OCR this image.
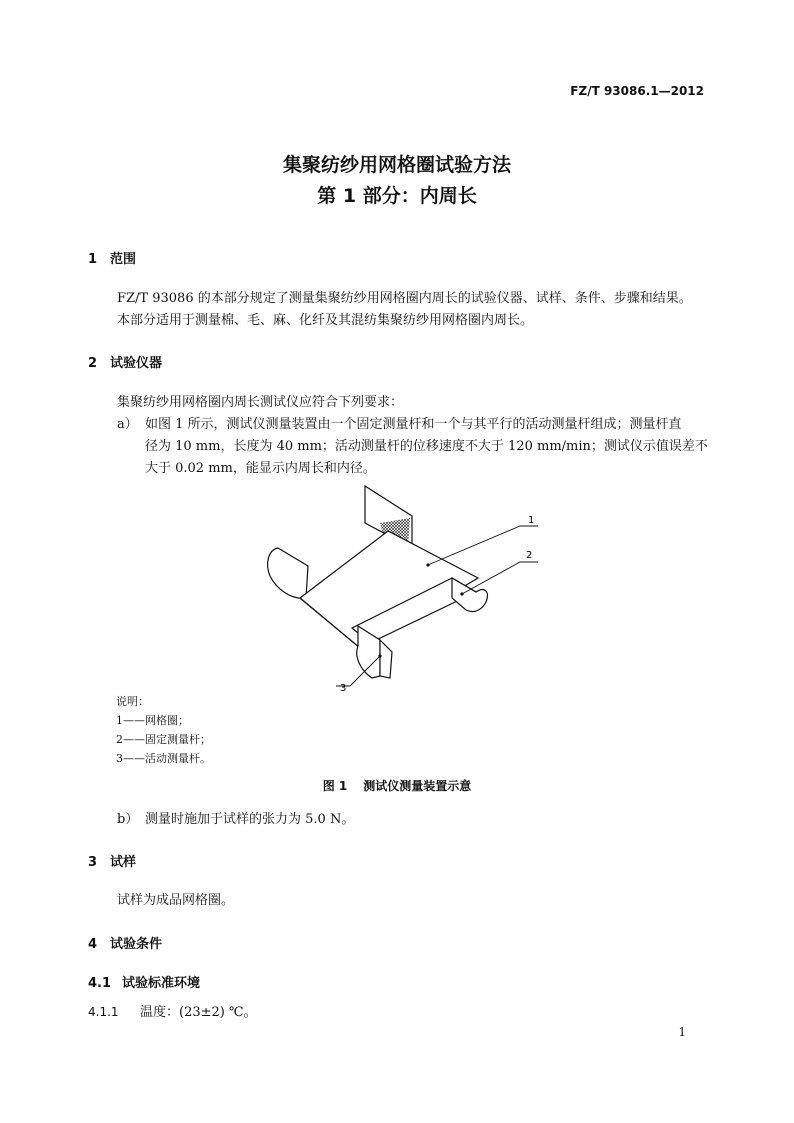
FZ/T 93086.1—2012
集聚纺纱用网格圈试验方法
第 1 部分：内周长
1 范围
FZ/T 93086 的本部分规定了测量集聚纺纱用网格圈内周长的试验仪器、试样、条件、步骤和结果。
本部分适用于测量棉、毛、麻、化纤及其混纺集聚纺纱用网格圈内周长。
2 试验仪器
集聚纺纱用网格圈内周长测试仪应符合下列要求：
a） 如图 1 所示，测试仪测量装置由一个固定测量杆和一个与其平行的活动测量杆组成；测量杆直
径为 10 mm，长度为 40 mm；活动测量杆的位移速度不大于 120 mm/min；测试仪示值误差不
大于 0.02 mm，能显示内周长和内径。
1
2
3
说明：
1——网格圈；
2——固定测量杆；
3——活动测量杆。
图 1 测试仪测量装置示意
b） 测量时施加于试样的张力为 5.0 N。
3 试样
试样为成品网格圈。
4 试验条件
4.1 试验标准环境
4.1.1 温度：(23±2) ℃。
1
